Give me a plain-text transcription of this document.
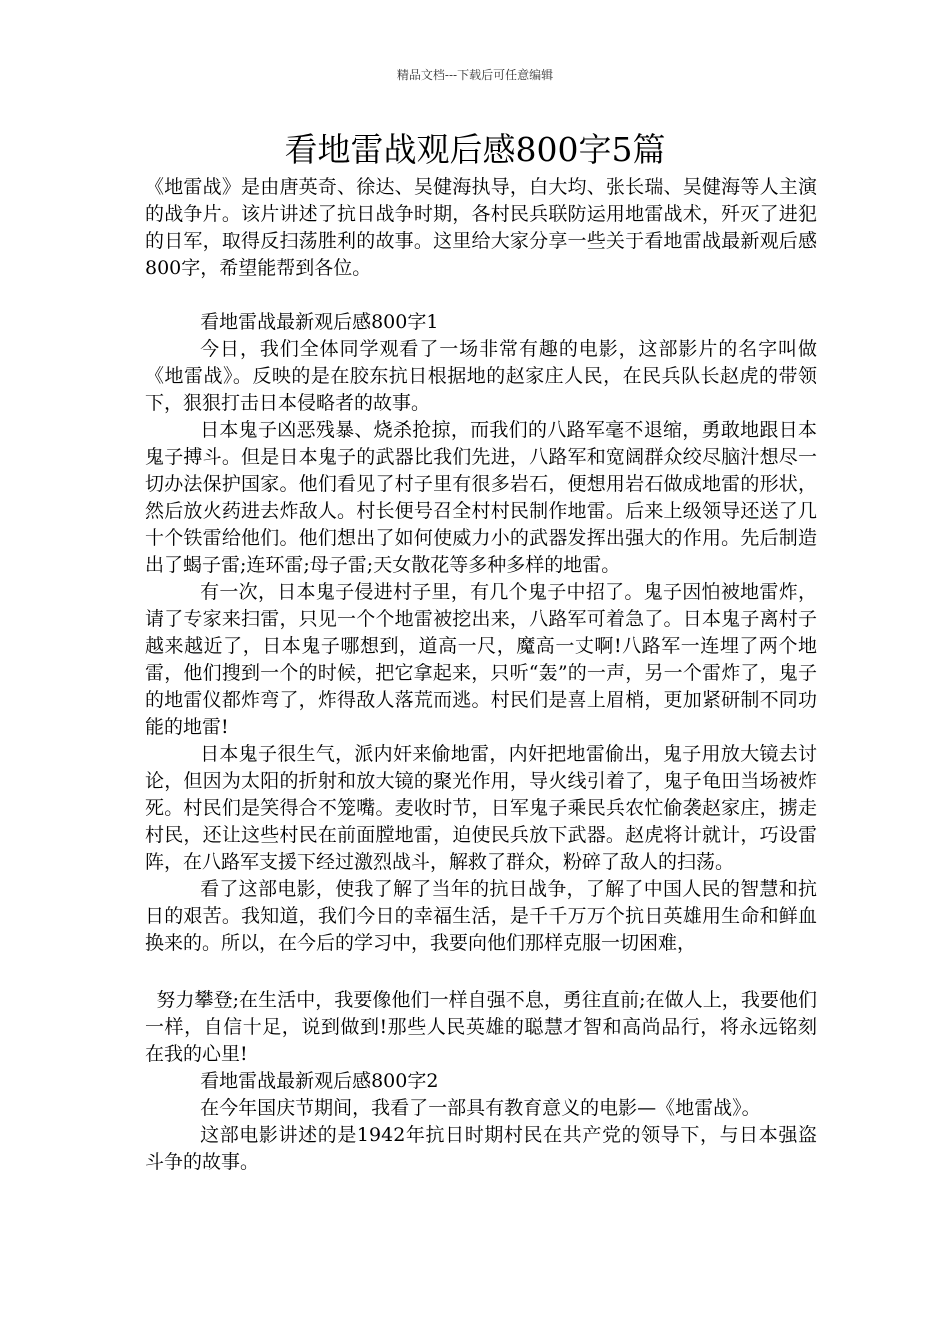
精品文档---下载后可任意编辑
看地雷战观后感800字5篇

《地雷战》是由唐英奇、徐达、吴健海执导，白大均、张长瑞、吴健海等人主演的战争片。该片讲述了抗日战争时期，各村民兵联防运用地雷战术，歼灭了进犯的日军，取得反扫荡胜利的故事。这里给大家分享一些关于看地雷战最新观后感800字，希望能帮到各位。

看地雷战最新观后感800字1

今日，我们全体同学观看了一场非常有趣的电影，这部影片的名字叫做《地雷战》。反映的是在胶东抗日根据地的赵家庄人民，在民兵队长赵虎的带领下，狠狠打击日本侵略者的故事。

日本鬼子凶恶残暴、烧杀抢掠，而我们的八路军毫不退缩，勇敢地跟日本鬼子搏斗。但是日本鬼子的武器比我们先进，八路军和宽阔群众绞尽脑汁想尽一切办法保护国家。他们看见了村子里有很多岩石，便想用岩石做成地雷的形状，然后放火药进去炸敌人。村长便号召全村村民制作地雷。后来上级领导还送了几十个铁雷给他们。他们想出了如何使威力小的武器发挥出强大的作用。先后制造出了蝎子雷;连环雷;母子雷;天女散花等多种多样的地雷。

有一次，日本鬼子侵进村子里，有几个鬼子中招了。鬼子因怕被地雷炸，请了专家来扫雷，只见一个个地雷被挖出来，八路军可着急了。日本鬼子离村子越来越近了，日本鬼子哪想到，道高一尺，魔高一丈啊!八路军一连埋了两个地雷，他们搜到一个的时候，把它拿起来，只听“轰”的一声，另一个雷炸了，鬼子的地雷仪都炸弯了，炸得敌人落荒而逃。村民们是喜上眉梢，更加紧研制不同功能的地雷!

日本鬼子很生气，派内奸来偷地雷，内奸把地雷偷出，鬼子用放大镜去讨论，但因为太阳的折射和放大镜的聚光作用，导火线引着了，鬼子龟田当场被炸死。村民们是笑得合不笼嘴。麦收时节，日军鬼子乘民兵农忙偷袭赵家庄，掳走村民，还让这些村民在前面膛地雷，迫使民兵放下武器。赵虎将计就计，巧设雷阵，在八路军支援下经过激烈战斗，解救了群众，粉碎了敌人的扫荡。

看了这部电影，使我了解了当年的抗日战争，了解了中国人民的智慧和抗日的艰苦。我知道，我们今日的幸福生活，是千千万万个抗日英雄用生命和鲜血换来的。所以，在今后的学习中，我要向他们那样克服一切困难，

努力攀登;在生活中，我要像他们一样自强不息，勇往直前;在做人上，我要他们一样，自信十足，说到做到!那些人民英雄的聪慧才智和高尚品行，将永远铭刻在我的心里!

看地雷战最新观后感800字2

在今年国庆节期间，我看了一部具有教育意义的电影—《地雷战》。

这部电影讲述的是1942年抗日时期村民在共产党的领导下，与日本强盗斗争的故事。
